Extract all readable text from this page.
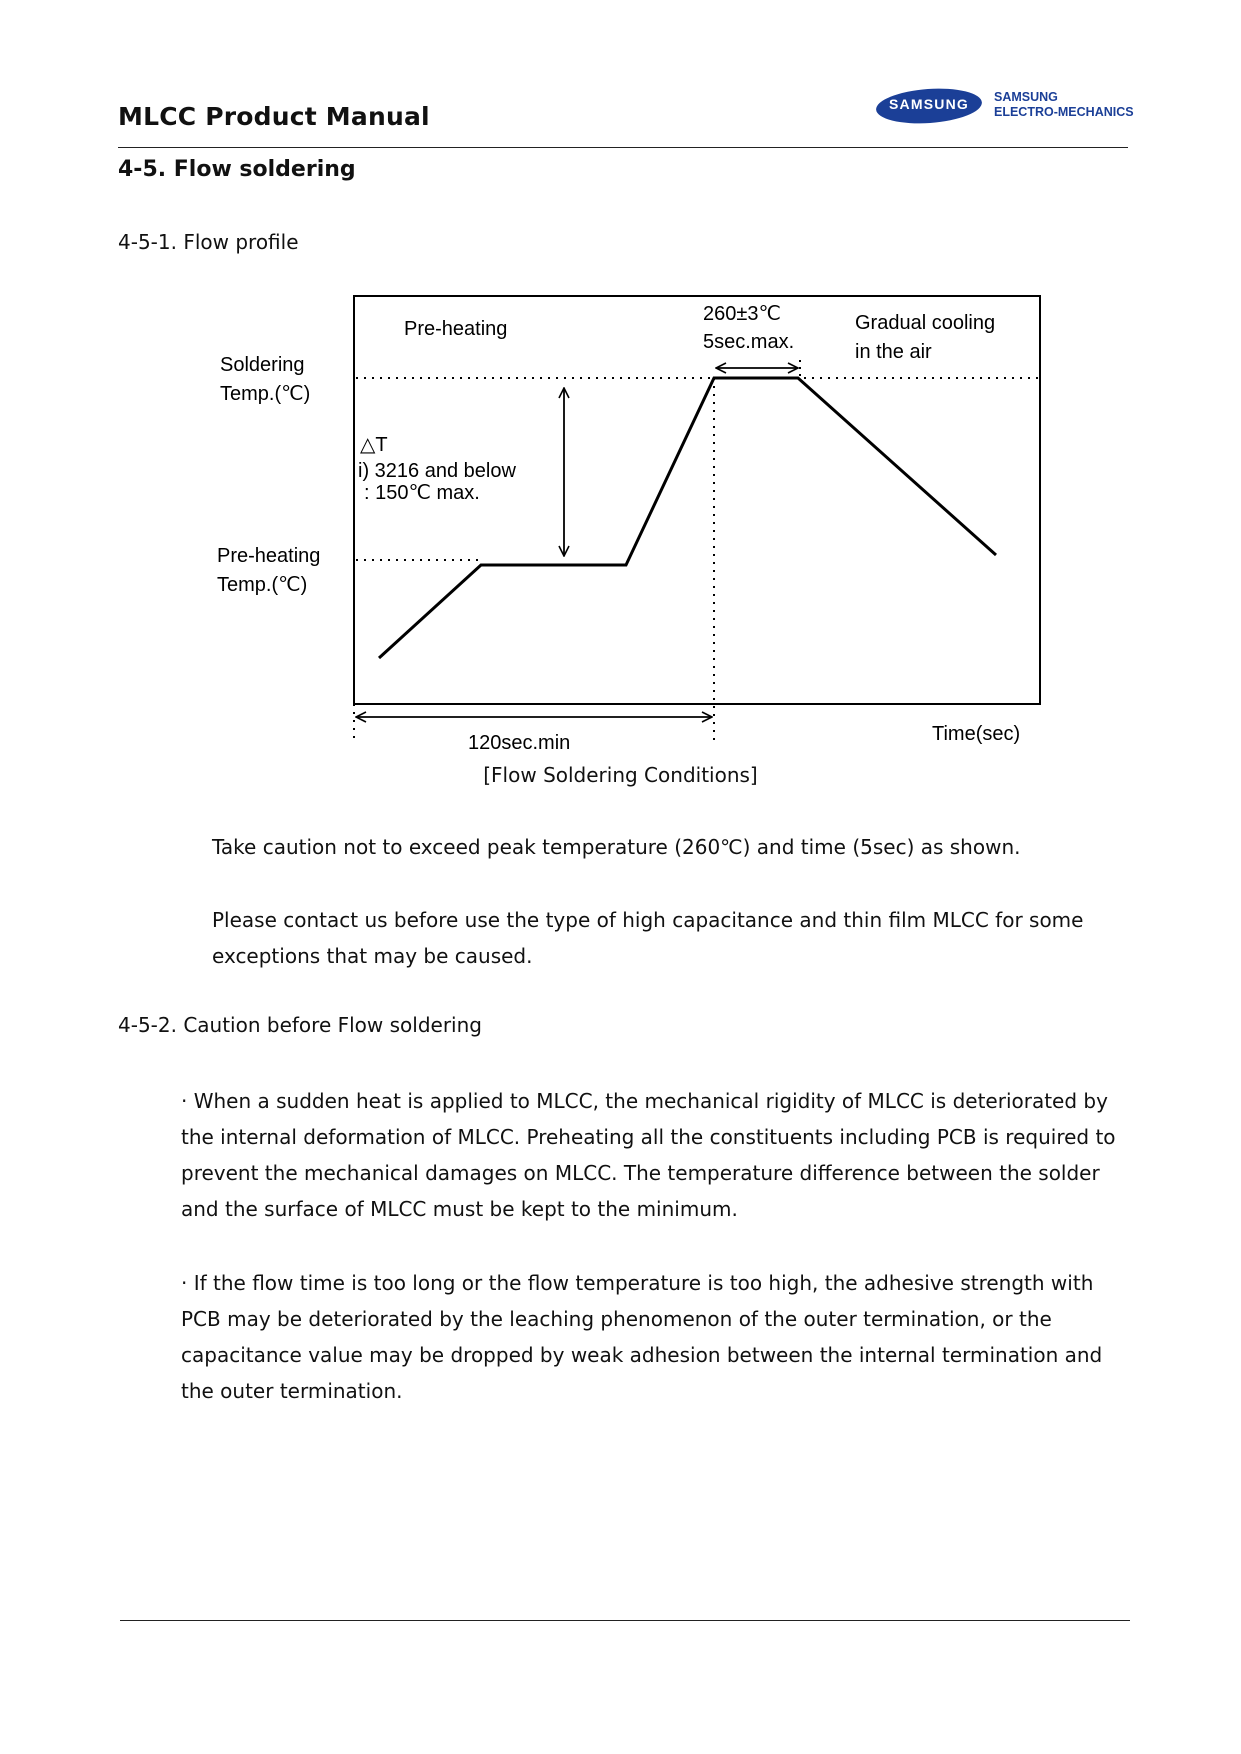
MLCC Product Manual	SAMSUNG	SAMSUNG
ELECTRO-MECHANICS
4-5. Flow soldering
4-5-1. Flow profile
Pre-heating
260±3℃
5sec.max.
Gradual cooling
in the air
Soldering
Temp.(℃)
△T
i) 3216 and below
: 150℃ max.
Pre-heating
Temp.(℃)
120sec.min	Time(sec)
[Flow Soldering Conditions]
Take caution not to exceed peak temperature (260℃) and time (5sec) as shown.
Please contact us before use the type of high capacitance and thin film MLCC for some exceptions that may be caused.
4-5-2. Caution before Flow soldering
· When a sudden heat is applied to MLCC, the mechanical rigidity of MLCC is deteriorated by the internal deformation of MLCC. Preheating all the constituents including PCB is required to prevent the mechanical damages on MLCC. The temperature difference between the solder and the surface of MLCC must be kept to the minimum.
· If the flow time is too long or the flow temperature is too high, the adhesive strength with PCB may be deteriorated by the leaching phenomenon of the outer termination, or the capacitance value may be dropped by weak adhesion between the internal termination and the outer termination.
